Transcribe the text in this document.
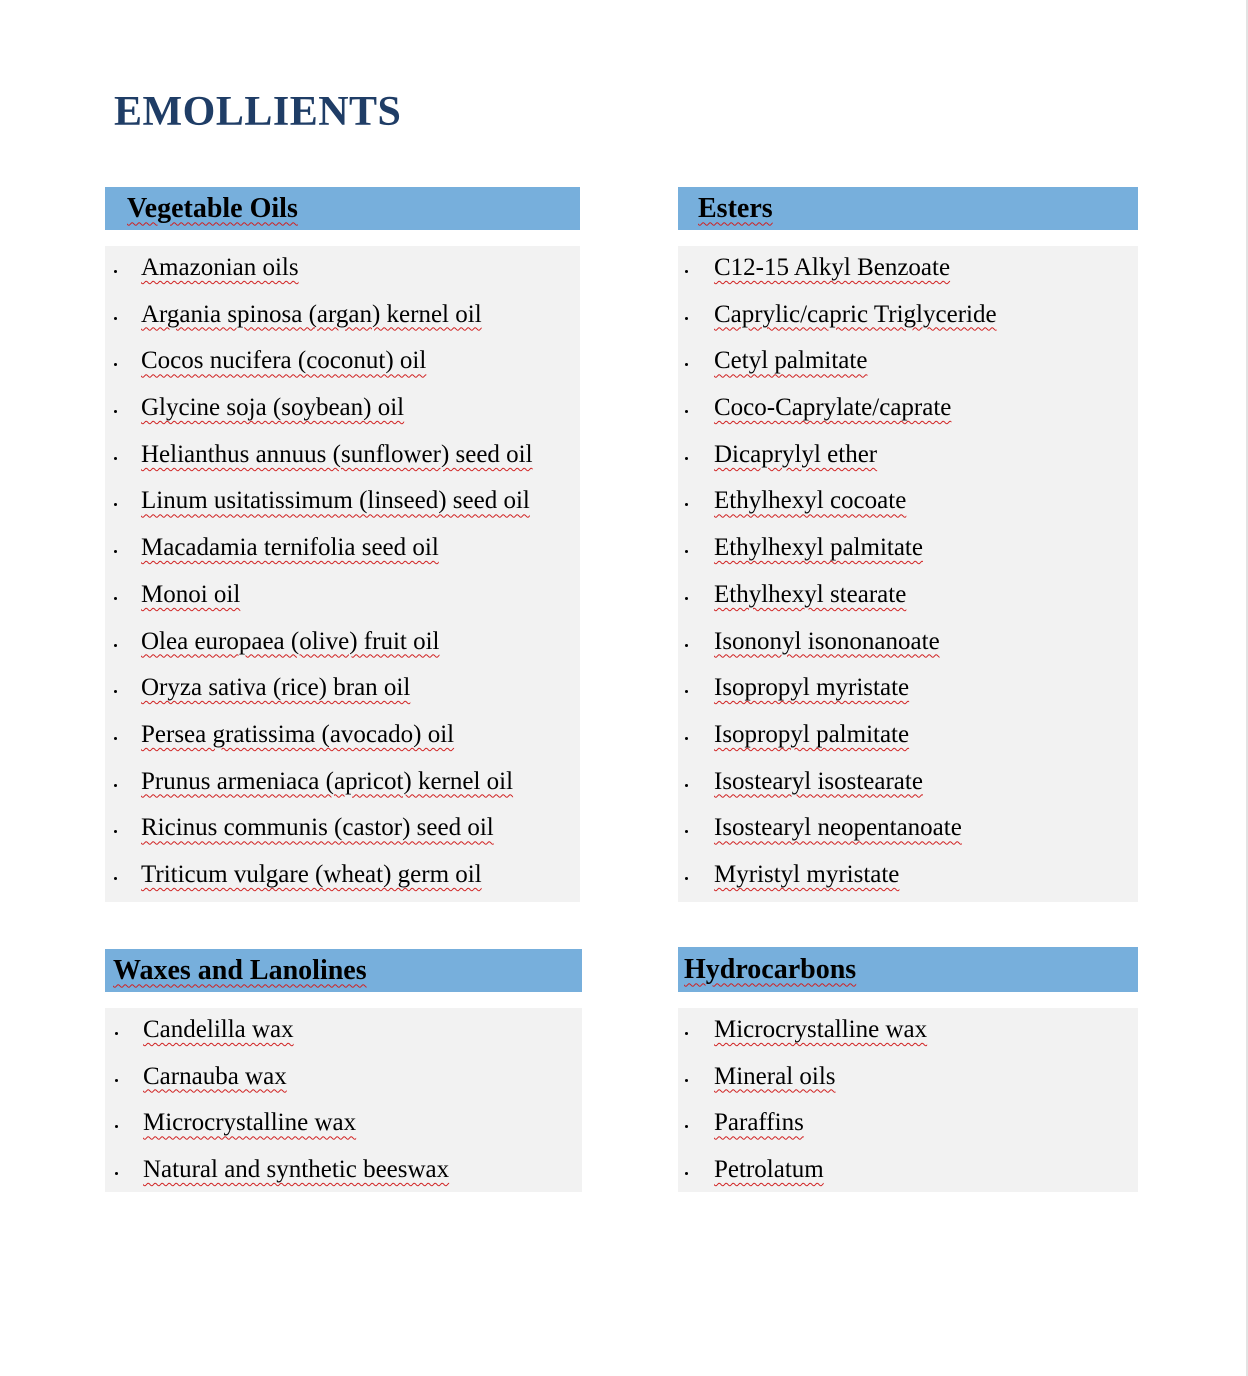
EMOLLIENTS
Vegetable Oils
Amazonian oils
Argania spinosa (argan) kernel oil
Cocos nucifera (coconut) oil
Glycine soja (soybean) oil
Helianthus annuus (sunflower) seed oil
Linum usitatissimum (linseed) seed oil
Macadamia ternifolia seed oil
Monoi oil
Olea europaea (olive) fruit oil
Oryza sativa (rice) bran oil
Persea gratissima (avocado) oil
Prunus armeniaca (apricot) kernel oil
Ricinus communis (castor) seed oil
Triticum vulgare (wheat) germ oil
Esters
C12-15 Alkyl Benzoate
Caprylic/capric Triglyceride
Cetyl palmitate
Coco-Caprylate/caprate
Dicaprylyl ether
Ethylhexyl cocoate
Ethylhexyl palmitate
Ethylhexyl stearate
Isononyl isononanoate
Isopropyl myristate
Isopropyl palmitate
Isostearyl isostearate
Isostearyl neopentanoate
Myristyl myristate
Waxes and Lanolines
Candelilla wax
Carnauba wax
Microcrystalline wax
Natural and synthetic beeswax
Hydrocarbons
Microcrystalline wax
Mineral oils
Paraffins
Petrolatum
